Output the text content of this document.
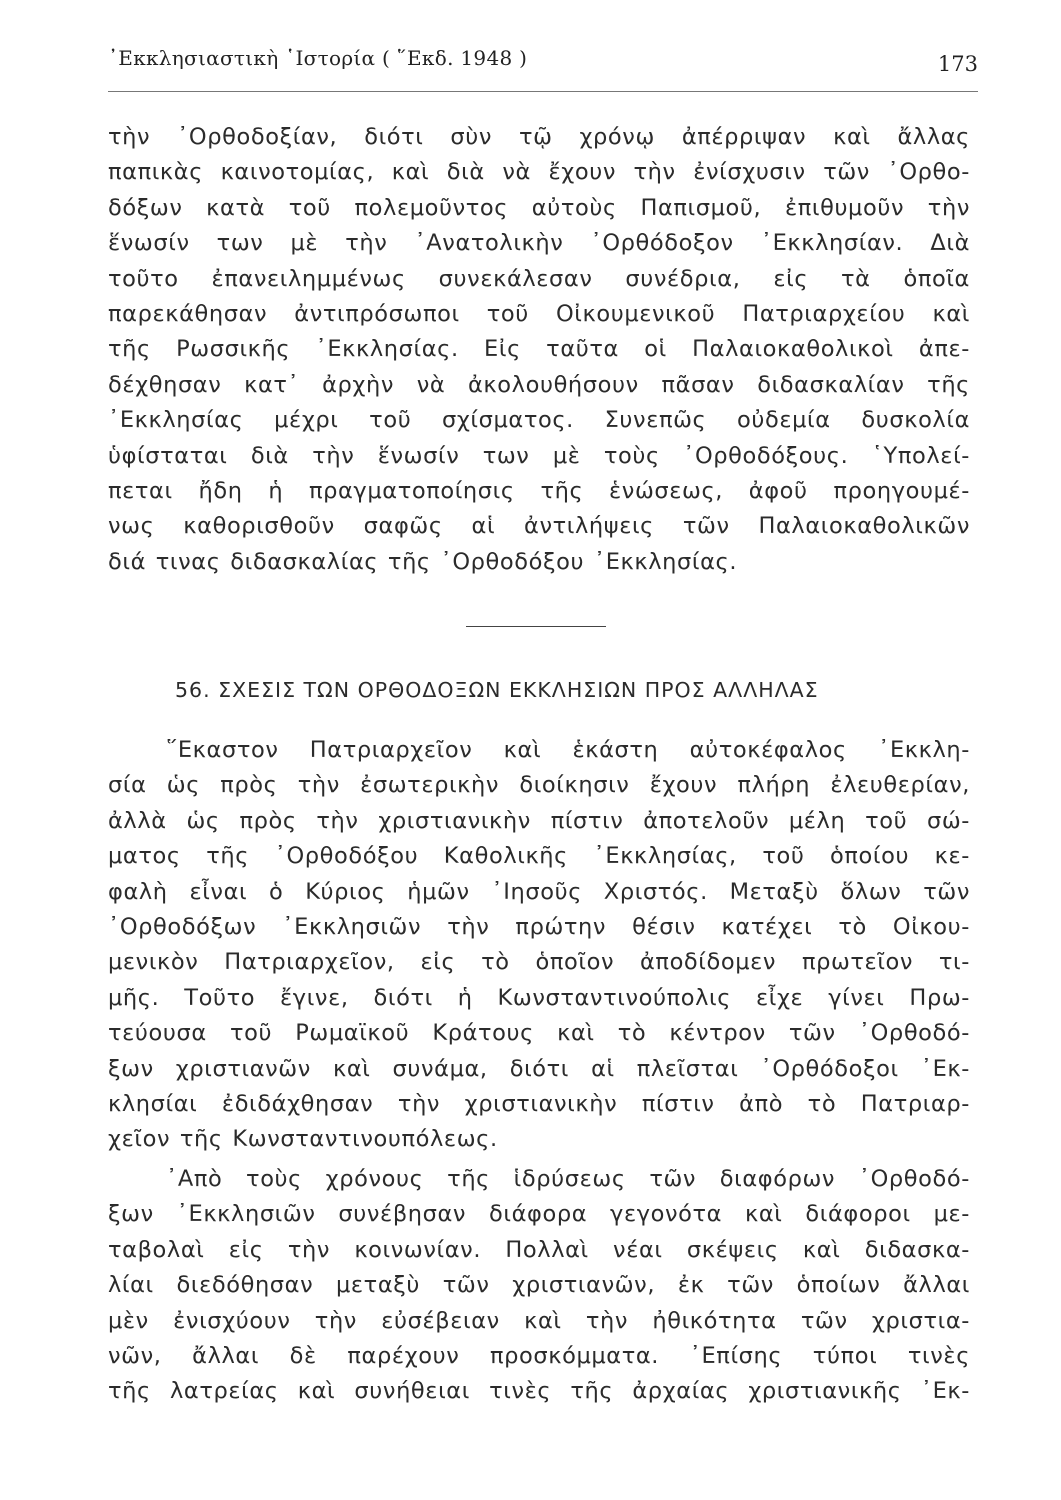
᾿Εκκλησιαστικὴ ῾Ιστορία ( ῞Εκδ. 1948 )	173
τὴν ᾿Ορθοδοξίαν, διότι σὺν τῷ χρόνῳ ἀπέρριψαν καὶ ἄλλας
παπικὰς καινοτομίας, καὶ διὰ νὰ ἔχουν τὴν ἐνίσχυσιν τῶν ᾿Ορθο-
δόξων κατὰ τοῦ πολεμοῦντος αὐτοὺς Παπισμοῦ, ἐπιθυμοῦν τὴν
ἕνωσίν των μὲ τὴν ᾿Ανατολικὴν ᾿Ορθόδοξον ᾿Εκκλησίαν. Διὰ
τοῦτο ἐπανειλημμένως συνεκάλεσαν συνέδρια, εἰς τὰ ὁποῖα
παρεκάθησαν ἀντιπρόσωποι τοῦ Οἰκουμενικοῦ Πατριαρχείου καὶ
τῆς Ρωσσικῆς ᾿Εκκλησίας. Εἰς ταῦτα οἱ Παλαιοκαθολικοὶ ἀπε-
δέχθησαν κατ᾿ ἀρχὴν νὰ ἀκολουθήσουν πᾶσαν διδασκαλίαν τῆς
᾿Εκκλησίας μέχρι τοῦ σχίσματος. Συνεπῶς οὐδεμία δυσκολία
ὑφίσταται διὰ τὴν ἕνωσίν των μὲ τοὺς ᾿Ορθοδόξους. ῾Υπολεί-
πεται ἤδη ἡ πραγματοποίησις τῆς ἑνώσεως, ἀφοῦ προηγουμέ-
νως καθορισθοῦν σαφῶς αἱ ἀντιλήψεις τῶν Παλαιοκαθολικῶν
διά τινας διδασκαλίας τῆς ᾿Ορθοδόξου ᾿Εκκλησίας.
56. ΣΧΕΣΙΣ ΤΩΝ ΟΡΘΟΔΟΞΩΝ ΕΚΚΛΗΣΙΩΝ ΠΡΟΣ ΑΛΛΗΛΑΣ
῞Εκαστον Πατριαρχεῖον καὶ ἑκάστη αὐτοκέφαλος ᾿Εκκλη-
σία ὡς πρὸς τὴν ἐσωτερικὴν διοίκησιν ἔχουν πλήρη ἐλευθερίαν,
ἀλλὰ ὡς πρὸς τὴν χριστιανικὴν πίστιν ἀποτελοῦν μέλη τοῦ σώ-
ματος τῆς ᾿Ορθοδόξου Καθολικῆς ᾿Εκκλησίας, τοῦ ὁποίου κε-
φαλὴ εἶναι ὁ Κύριος ἡμῶν ᾿Ιησοῦς Χριστός. Μεταξὺ ὅλων τῶν
᾿Ορθοδόξων ᾿Εκκλησιῶν τὴν πρώτην θέσιν κατέχει τὸ Οἰκου-
μενικὸν Πατριαρχεῖον, εἰς τὸ ὁποῖον ἀποδίδομεν πρωτεῖον τι-
μῆς. Τοῦτο ἔγινε, διότι ἡ Κωνσταντινούπολις εἶχε γίνει Πρω-
τεύουσα τοῦ Ρωμαϊκοῦ Κράτους καὶ τὸ κέντρον τῶν ᾿Ορθοδό-
ξων χριστιανῶν καὶ συνάμα, διότι αἱ πλεῖσται ᾿Ορθόδοξοι ᾿Εκ-
κλησίαι ἐδιδάχθησαν τὴν χριστιανικὴν πίστιν ἀπὸ τὸ Πατριαρ-
χεῖον τῆς Κωνσταντινουπόλεως.
᾿Απὸ τοὺς χρόνους τῆς ἱδρύσεως τῶν διαφόρων ᾿Ορθοδό-
ξων ᾿Εκκλησιῶν συνέβησαν διάφορα γεγονότα καὶ διάφοροι με-
ταβολαὶ εἰς τὴν κοινωνίαν. Πολλαὶ νέαι σκέψεις καὶ διδασκα-
λίαι διεδόθησαν μεταξὺ τῶν χριστιανῶν, ἐκ τῶν ὁποίων ἄλλαι
μὲν ἐνισχύουν τὴν εὐσέβειαν καὶ τὴν ἠθικότητα τῶν χριστια-
νῶν, ἄλλαι δὲ παρέχουν προσκόμματα. ᾿Επίσης τύποι τινὲς
τῆς λατρείας καὶ συνήθειαι τινὲς τῆς ἀρχαίας χριστιανικῆς ᾿Εκ-
